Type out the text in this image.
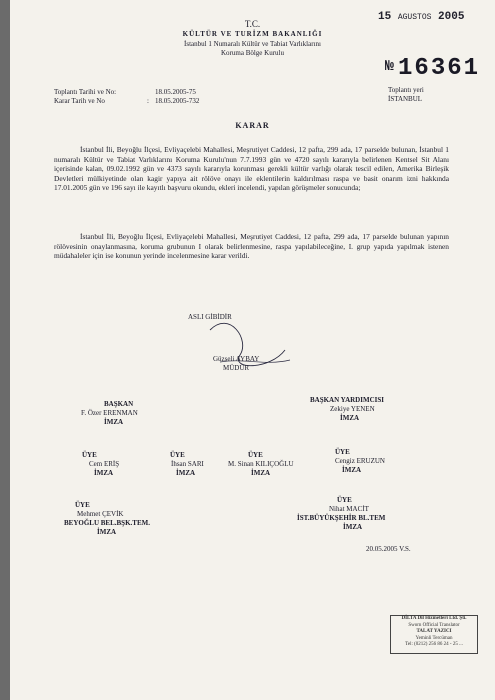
T.C.
KÜLTÜR VE TURİZM BAKANLIĞI
İstanbul 1 Numaralı Kültür ve Tabiat Varlıklarını
Koruma Bölge Kurulu
15 AGUSTOS 2005
№ 16361
Toplantı Tarihi ve No:	18.05.2005-75
Karar Tarih ve No	: 18.05.2005-732
Toplantı yeri
İSTANBUL
KARAR

İstanbul İli, Beyoğlu İlçesi, Evliyaçelebi Mahallesi, Meşrutiyet Caddesi, 12 pafta, 299 ada, 17 parselde bulunan, İstanbul 1 numaralı Kültür ve Tabiat Varlıklarını Koruma Kurulu'nun 7.7.1993 gün ve 4720 sayılı kararıyla belirlenen Kentsel Sit Alanı içerisinde kalan, 09.02.1992 gün ve 4373 sayılı kararıyla korunması gerekli kültür varlığı olarak tescil edilen, Amerika Birleşik Devletleri mülkiyetinde olan kagir yapıya ait rölöve onayı ile eklentilerin kaldırılması raspa ve basit onarım izni hakkında 17.01.2005 gün ve 196 sayı ile kayıtlı başvuru okundu, ekleri incelendi, yapılan görüşmeler sonucunda;

İstanbul İli, Beyoğlu İlçesi, Evliyaçelebi Mahallesi, Meşrutiyet Caddesi, 12 pafta, 299 ada, 17 parselde bulunan yapının rölövesinin onaylanmasına, koruma grubunun I olarak belirlenmesine, raspa yapılabileceğine, I. grup yapıda yapılmak istenen müdahaleler için ise konunun yerinde incelenmesine karar verildi.

ASLI GİBİDİR
Güzseli AYBAY
MÜDÜR
BAŞKAN
F. Özer ERENMAN
İMZA
BAŞKAN YARDIMCISI
Zekiye YENEN
İMZA
ÜYE
Cem ERİŞ
İMZA
ÜYE
İhsan SARI
İMZA
ÜYE
M. Sinan KILIÇOĞLU
İMZA
ÜYE
Cengiz ERUZUN
İMZA
ÜYE
Mehmet ÇEVİK
BEYOĞLU BEL.BŞK.TEM.
İMZA
ÜYE
Nihat MACİT
İST.BÜYÜKŞEHİR BL.TEM
İMZA
20.05.2005 V.S.
DİLTA Dil Hizmetleri Ltd. Şti.
Sworn Official Translator
TALAT YAZICI
Yeminli Tercüman
Tel: (0212) 256 86 24 - 25 ...
